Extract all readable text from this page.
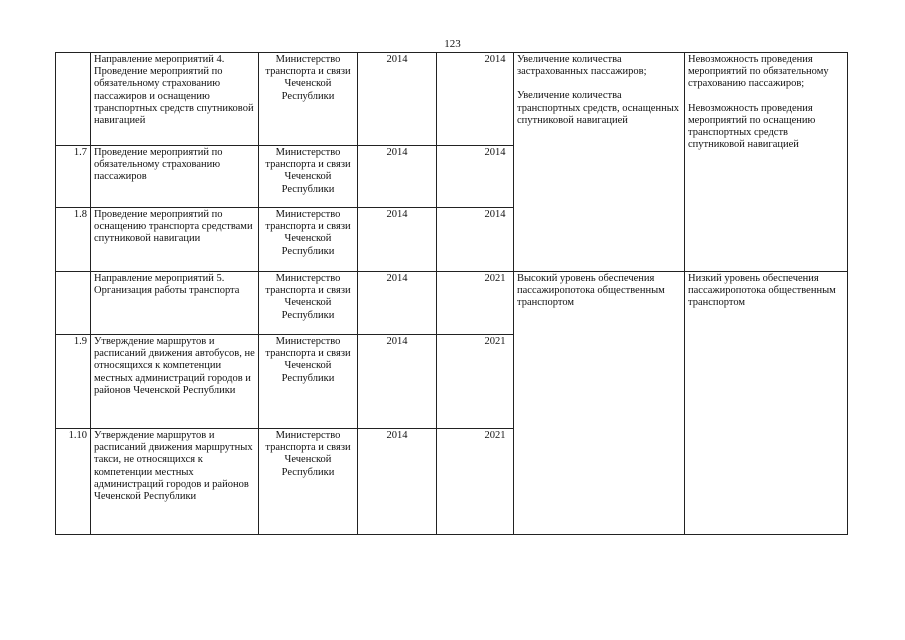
123
	Направление мероприятий 4. Проведение мероприятий по обязательному страхованию пассажиров и оснащению транспортных средств спутниковой навигацией	Министерство транспорта и связи Чеченской Республики	2014	2014	Увеличение количества застрахованных пассажиров;
Увеличение количества транспортных средств, оснащенных спутниковой навигацией	Невозможность проведения мероприятий по обязательному страхованию пассажиров;
Невозможность проведения мероприятий по оснащению транспортных средств спутниковой навигацией

1.7	Проведение мероприятий по обязательному страхованию пассажиров	Министерство транспорта и связи Чеченской Республики	2014	2014		
1.8	Проведение мероприятий по оснащению транспорта средствами спутниковой навигации	Министерство транспорта и связи Чеченской Республики	2014	2014		
	Направление мероприятий 5. Организация работы транспорта	Министерство транспорта и связи Чеченской Республики	2014	2021	Высокий уровень обеспечения пассажиропотока общественным транспортом	Низкий уровень обеспечения пассажиропотока общественным транспортом

1.9	Утверждение маршрутов и расписаний движения автобусов, не относящихся к компетенции местных администраций городов и районов Чеченской Республики	Министерство транспорта и связи Чеченской Республики	2014	2021		
1.10	Утверждение маршрутов и расписаний движения маршрутных такси, не относящихся к компетенции местных администраций городов и районов Чеченской Республики	Министерство транспорта и связи Чеченской Республики	2014	2021		
